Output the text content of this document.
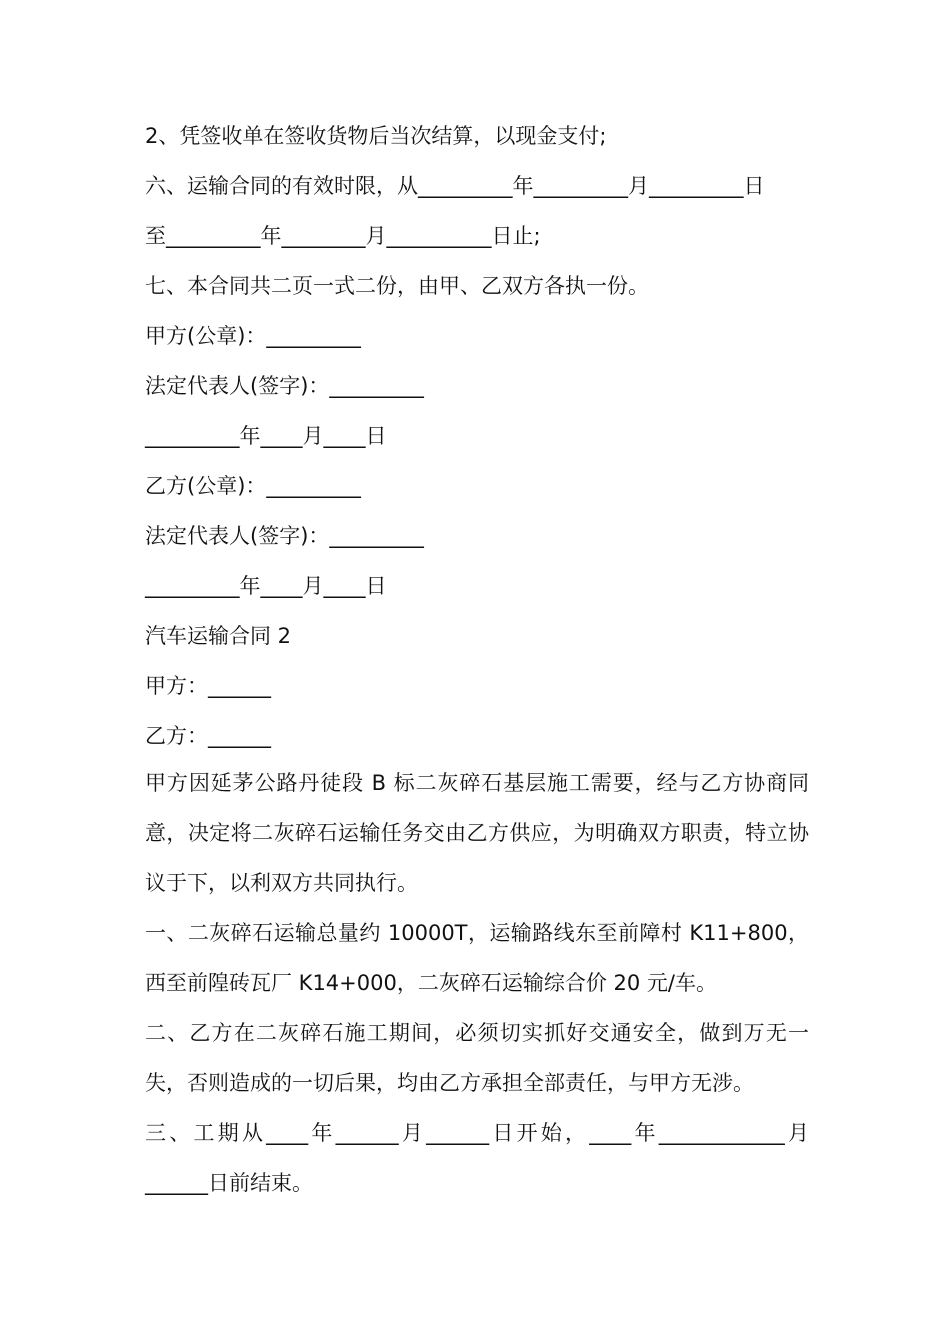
2、凭签收单在签收货物后当次结算，以现金支付;
六、运输合同的有效时限，从_________年_________月_________日
至_________年________月__________日止;
七、本合同共二页一式二份，由甲、乙双方各执一份。
甲方(公章)：_________
法定代表人(签字)：_________
_________年____月____日
乙方(公章)：_________
法定代表人(签字)：_________
_________年____月____日
汽车运输合同 2
甲方：______
乙方：______
甲方因延茅公路丹徒段 B 标二灰碎石基层施工需要，经与乙方协商同意，决定将二灰碎石运输任务交由乙方供应，为明确双方职责，特立协议于下，以利双方共同执行。
一、二灰碎石运输总量约 10000T，运输路线东至前障村 K11+800，西至前隍砖瓦厂 K14+000，二灰碎石运输综合价 20 元/车。
二、乙方在二灰碎石施工期间，必须切实抓好交通安全，做到万无一失，否则造成的一切后果，均由乙方承担全部责任，与甲方无涉。
三、工期从____年______月______日开始，____年____________月______日前结束。
